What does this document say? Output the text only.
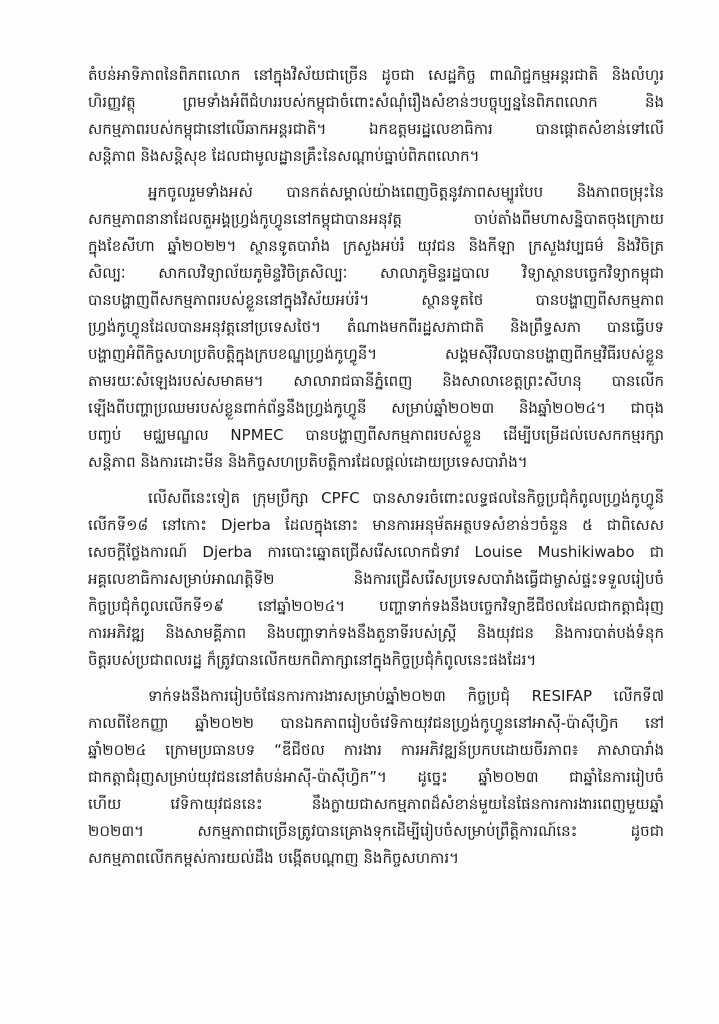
តំបន់អាទិភាពនៃពិភពលោក នៅក្នុងវិស័យជាច្រើន ដូចជា សេដ្ឋកិច្ច ពាណិជ្ជកម្មអន្តរជាតិ និងលំហូរ
ហិរញ្ញវត្ថុ ព្រមទាំងអំពីជំហររបស់កម្ពុជាចំពោះសំណុំរឿងសំខាន់ៗបច្ចុប្បន្ននៃពិភពលោក និង
សកម្មភាពរបស់កម្ពុជានៅលើឆាកអន្តរជាតិ។ ឯកឧត្តមរដ្ឋលេខាធិការ បានផ្តោតសំខាន់ទៅលើ
សន្តិភាព និងសន្តិសុខ ដែលជាមូលដ្ឋានគ្រឹះនៃសណ្តាប់ធ្នាប់ពិភពលោក។
អ្នកចូលរួមទាំងអស់ បានកត់សម្គាល់យ៉ាងពេញចិត្តនូវភាពសម្បូរបែប និងភាពចម្រុះនៃ
សកម្មភាពនានាដែលតួអង្គហ្វ្រង់កូហ្វូននៅកម្ពុជាបានអនុវត្ត ចាប់តាំងពីមហាសន្និបាតចុងក្រោយ
ក្នុងខែសីហា ឆ្នាំ២០២២។ ស្ថានទូតបារាំង ក្រសួងអប់រំ យុវជន និងកីឡា ក្រសួងវប្បធម៌ និងវិចិត្រ
សិល្បៈ សាកលវិទ្យាល័យភូមិន្ទវិចិត្រសិល្បៈ សាលាភូមិន្ទរដ្ឋបាល វិទ្យាស្ថានបច្ចេកវិទ្យាកម្ពុជា
បានបង្ហាញពីសកម្មភាពរបស់ខ្លួននៅក្នុងវិស័យអប់រំ។ ស្ថានទូតថៃ បានបង្ហាញពីសកម្មភាព
ហ្វ្រង់កូហ្វូនដែលបានអនុវត្តនៅប្រទេសថៃ។ តំណាងមកពីរដ្ឋសភាជាតិ និងព្រឹទ្ធសភា បានធ្វើបទ
បង្ហាញអំពីកិច្ចសហប្រតិបត្តិក្នុងក្របខណ្ឌហ្វ្រង់កូហ្វូនី។ សង្គមស៊ីវិលបានបង្ហាញពីកម្មវិធីរបស់ខ្លួន
តាមរយៈសំឡេងរបស់សមាគម។ សាលារាជធានីភ្នំពេញ និងសាលាខេត្តព្រះសីហនុ បានលើក
ឡើងពីបញ្ហាប្រឈមរបស់ខ្លួនពាក់ព័ន្ធនឹងហ្វ្រង់កូហ្វូនី សម្រាប់ឆ្នាំ២០២៣ និងឆ្នាំ២០២៤។ ជាចុង
បញ្ចប់ មជ្ឈមណ្ឌល NPMEC បានបង្ហាញពីសកម្មភាពរបស់ខ្លួន ដើម្បីបម្រើដល់បេសកកម្មរក្សា
សន្តិភាព និងការដោះមីន និងកិច្ចសហប្រតិបត្តិការដែលផ្តល់ដោយប្រទេសបារាំង។
លើសពីនេះទៀត ក្រុមប្រឹក្សា CPFC បានសាទរចំពោះលទ្ធផលនៃកិច្ចប្រជុំកំពូលហ្វ្រង់កូហ្វូនី
លើកទី១៨ នៅកោះ Djerba ដែលក្នុងនោះ មានការអនុម័តអត្ថបទសំខាន់ៗចំនួន ៥ ជាពិសេស
សេចក្តីថ្លែងការណ៍ Djerba ការបោះឆ្នោតជ្រើសរើសលោកជំទាវ Louise Mushikiwabo ជា
អគ្គលេខាធិការសម្រាប់អាណត្តិទី២ និងការជ្រើសរើសប្រទេសបារាំងធ្វើជាម្ចាស់ផ្ទះទទួលរៀបចំ
កិច្ចប្រជុំកំពូលលើកទី១៩ នៅឆ្នាំ២០២៤។ បញ្ហាទាក់ទងនឹងបច្ចេកវិទ្យាឌីជីថលដែលជាកត្តាជំរុញ
ការអភិវឌ្ឍ និងសាមគ្គីភាព និងបញ្ហាទាក់ទងនឹងតួនាទីរបស់ស្ត្រី និងយុវជន និងការបាត់បង់ទំនុក
ចិត្តរបស់ប្រជាពលរដ្ឋ ក៏ត្រូវបានលើកយកពិភាក្សានៅក្នុងកិច្ចប្រជុំកំពូលនេះផងដែរ។
ទាក់ទងនឹងការរៀបចំផែនការការងារសម្រាប់ឆ្នាំ២០២៣ កិច្ចប្រជុំ RESIFAP លើកទី៧
កាលពីខែកញ្ញា ឆ្នាំ២០២២ បានឯកភាពរៀបចំវេទិកាយុវជនហ្វ្រង់កូហ្វូននៅអាស៊ី-ប៉ាស៊ីហ្វិក នៅ
ឆ្នាំ២០២៤ ក្រោមប្រធានបទ “ឌីជីថល ការងារ ការអភិវឌ្ឍន៍ប្រកបដោយចីរភាព៖ ភាសាបារាំង
ជាកត្តាជំរុញសម្រាប់យុវជននៅតំបន់អាស៊ី-ប៉ាស៊ីហ្វិក”។ ដូច្នេះ ឆ្នាំ២០២៣ ជាឆ្នាំនៃការរៀបចំ
ហើយ វេទិកាយុវជននេះ នឹងក្លាយជាសកម្មភាពដ៏សំខាន់មួយនៃផែនការការងារពេញមួយឆ្នាំ
២០២៣។ សកម្មភាពជាច្រើនត្រូវបានគ្រោងទុកដើម្បីរៀបចំសម្រាប់ព្រឹត្តិការណ៍នេះ ដូចជា
សកម្មភាពលើកកម្ពស់ការយល់ដឹង បង្កើតបណ្តាញ និងកិច្ចសហការ។
